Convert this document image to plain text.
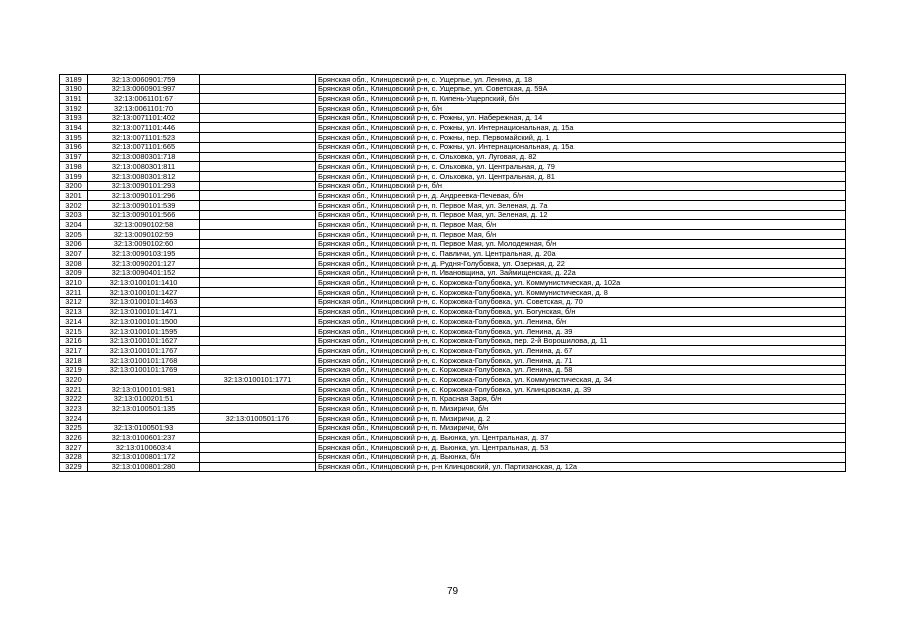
3189	32:13:0060901:759		Брянская обл., Клинцовский р-н, с. Ущерпье, ул. Ленина, д. 18
3190	32:13:0060901:997		Брянская обл., Клинцовский р-н, с. Ущерпье, ул. Советская, д. 59А
3191	32:13:0061101:67		Брянская обл., Клинцовский р-н, п. Кипень-Ущерпский, б/н
3192	32:13:0061101:70		Брянская обл., Клинцовский р-н, б/н
3193	32:13:0071101:402		Брянская обл., Клинцовский р-н, с. Рожны, ул. Набережная, д. 14
3194	32:13:0071101:446		Брянская обл., Клинцовский р-н, с. Рожны, ул. Интернациональная, д. 15а
3195	32:13:0071101:523		Брянская обл., Клинцовский р-н, с. Рожны, пер. Первомайский, д. 1
3196	32:13:0071101:665		Брянская обл., Клинцовский р-н, с. Рожны, ул. Интернациональная, д. 15а
3197	32:13:0080301:718		Брянская обл., Клинцовский р-н, с. Ольховка, ул. Луговая, д. 82
3198	32:13:0080301:811		Брянская обл., Клинцовский р-н, с. Ольховка, ул. Центральная, д. 79
3199	32:13:0080301:812		Брянская обл., Клинцовский р-н, с. Ольховка, ул. Центральная, д. 81
3200	32:13:0090101:293		Брянская обл., Клинцовский р-н, б/н
3201	32:13:0090101:296		Брянская обл., Клинцовский р-н, д. Андреевка-Печевая, б/н
3202	32:13:0090101:539		Брянская обл., Клинцовский р-н, п. Первое Мая, ул. Зеленая, д. 7а
3203	32:13:0090101:566		Брянская обл., Клинцовский р-н, п. Первое Мая, ул. Зеленая, д. 12
3204	32:13:0090102:58		Брянская обл., Клинцовский р-н, п. Первое Мая, б/н
3205	32:13:0090102:59		Брянская обл., Клинцовский р-н, п. Первое Мая, б/н
3206	32:13:0090102:60		Брянская обл., Клинцовский р-н, п. Первое Мая, ул. Молодежная, б/н
3207	32:13:0090103:195		Брянская обл., Клинцовский р-н, с. Павличи, ул. Центральная, д. 20а
3208	32:13:0090201:127		Брянская обл., Клинцовский р-н, д. Рудня-Голубовка, ул. Озерная, д. 22
3209	32:13:0090401:152		Брянская обл., Клинцовский р-н, п. Ивановщина, ул. Займищенская, д. 22а
3210	32:13:0100101:1410		Брянская обл., Клинцовский р-н, с. Коржовка-Голубовка, ул. Коммунистическая, д. 102а
3211	32:13:0100101:1427		Брянская обл., Клинцовский р-н, с. Коржовка-Голубовка, ул. Коммунистическая, д. 8
3212	32:13:0100101:1463		Брянская обл., Клинцовский р-н, с. Коржовка-Голубовка, ул. Советская, д. 70
3213	32:13:0100101:1471		Брянская обл., Клинцовский р-н, с. Коржовка-Голубовка, ул. Богунская, б/н
3214	32:13:0100101:1500		Брянская обл., Клинцовский р-н, с. Коржовка-Голубовка, ул. Ленина, б/н
3215	32:13:0100101:1595		Брянская обл., Клинцовский р-н, с. Коржовка-Голубовка, ул. Ленина, д. 39
3216	32:13:0100101:1627		Брянская обл., Клинцовский р-н, с. Коржовка-Голубовка, пер. 2-й Ворошилова, д. 11
3217	32:13:0100101:1767		Брянская обл., Клинцовский р-н, с. Коржовка-Голубовка, ул. Ленина, д. 67
3218	32:13:0100101:1768		Брянская обл., Клинцовский р-н, с. Коржовка-Голубовка, ул. Ленина, д. 71
3219	32:13:0100101:1769		Брянская обл., Клинцовский р-н, с. Коржовка-Голубовка, ул. Ленина, д. 58
3220		32:13:0100101:1771	Брянская обл., Клинцовский р-н, с. Коржовка-Голубовка, ул. Коммунистическая, д. 34
3221	32:13:0100101:981		Брянская обл., Клинцовский р-н, с. Коржовка-Голубовка, ул. Клинцовская, д. 39
3222	32:13:0100201:51		Брянская обл., Клинцовский р-н, п. Красная Заря, б/н
3223	32:13:0100501:135		Брянская обл., Клинцовский р-н, п. Мизиричи, б/н
3224		32:13:0100501:176	Брянская обл., Клинцовский р-н, п. Мизиричи, д. 2
3225	32:13:0100501:93		Брянская обл., Клинцовский р-н, п. Мизиричи, б/н
3226	32:13:0100601:237		Брянская обл., Клинцовский р-н, д. Вьюнка, ул. Центральная, д. 37
3227	32:13:0100603:4		Брянская обл., Клинцовский р-н, д. Вьюнка, ул. Центральная, д. 53
3228	32:13:0100801:172		Брянская обл., Клинцовский р-н, д. Вьюнка, б/н
3229	32:13:0100801:280		Брянская обл., Клинцовский р-н, р-н Клинцовский, ул. Партизанская, д. 12а
79
